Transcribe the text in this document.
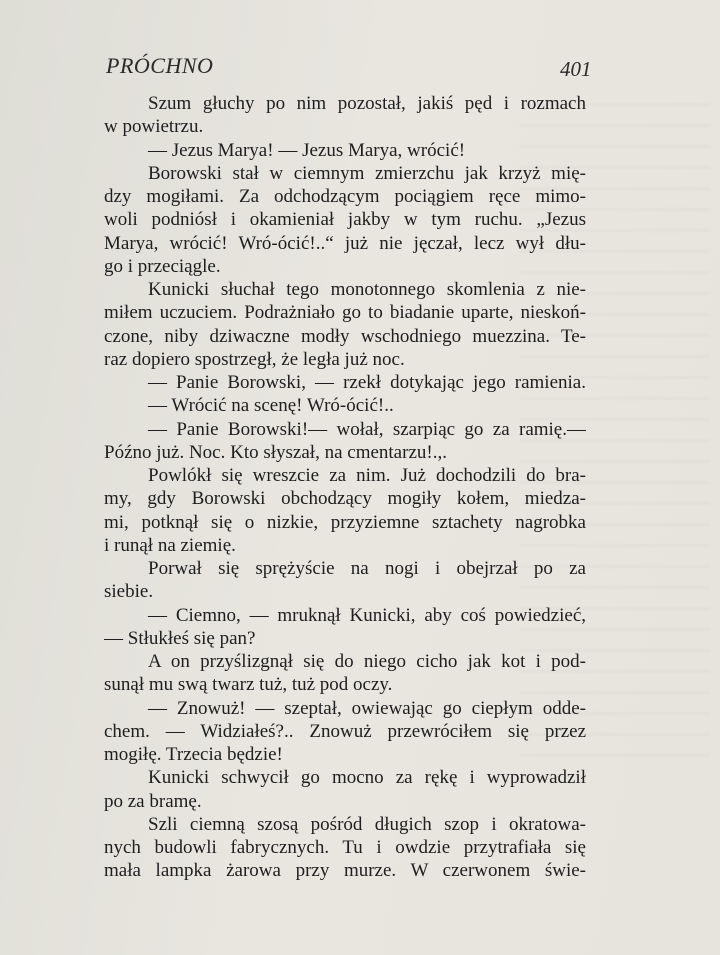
PRÓCHNO	401
Szum głuchy po nim pozostał, jakiś pęd i rozmach
w powietrzu.
— Jezus Marya! — Jezus Marya, wrócić!
Borowski stał w ciemnym zmierzchu jak krzyż mię-
dzy mogiłami. Za odchodzącym pociągiem ręce mimo-
woli podniósł i okamieniał jakby w tym ruchu. „Jezus
Marya, wrócić! Wró-ócić!..“ już nie jęczał, lecz wył dłu-
go i przeciągle.
Kunicki słuchał tego monotonnego skomlenia z nie-
miłem uczuciem. Podrażniało go to biadanie uparte, nieskoń-
czone, niby dziwaczne modły wschodniego muezzina. Te-
raz dopiero spostrzegł, że legła już noc.
— Panie Borowski, — rzekł dotykając jego ramienia.
— Wrócić na scenę! Wró-ócić!..
— Panie Borowski!— wołał, szarpiąc go za ramię.—
Późno już. Noc. Kto słyszał, na cmentarzu!.,.
Powlókł się wreszcie za nim. Już dochodzili do bra-
my, gdy Borowski obchodzący mogiły kołem, miedza-
mi, potknął się o nizkie, przyziemne sztachety nagrobka
i runął na ziemię.
Porwał się sprężyście na nogi i obejrzał po za
siebie.
— Ciemno, — mruknął Kunicki, aby coś powiedzieć,
— Stłukłeś się pan?
A on przyślizgnął się do niego cicho jak kot i pod-
sunął mu swą twarz tuż, tuż pod oczy.
— Znowuż! — szeptał, owiewając go ciepłym odde-
chem. — Widziałeś?.. Znowuż przewróciłem się przez
mogiłę. Trzecia będzie!
Kunicki schwycił go mocno za rękę i wyprowadził
po za bramę.
Szli ciemną szosą pośród długich szop i okratowa-
nych budowli fabrycznych. Tu i owdzie przytrafiała się
mała lampka żarowa przy murze. W czerwonem świe-
